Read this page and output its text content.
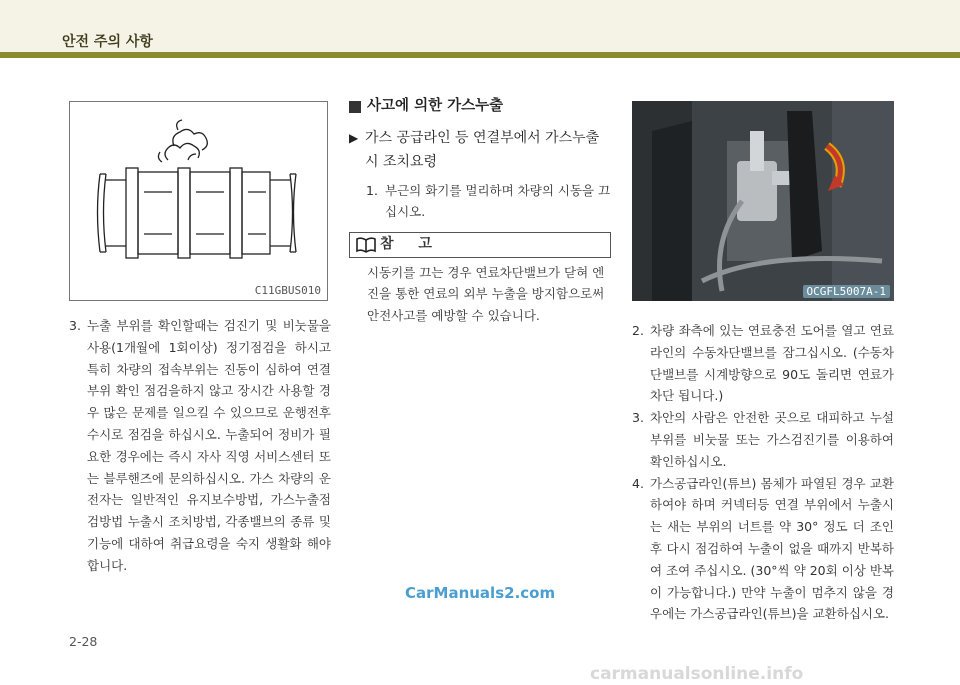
안전 주의 사항
C11GBUS010	OCGFL5007A-1
3. 누출 부위를 확인할때는 검진기 및 비눗물을 사용(1개월에 1회이상) 정기점검을 하시고 특히 차량의 접속부위는 진동이 심하여 연결부위 확인 점검을하지 않고 장시간 사용할 경우 많은 문제를 일으킬 수 있으므로 운행전후 수시로 점검을 하십시오. 누출되어 정비가 필요한 경우에는 즉시 자사 직영 서비스센터 또는 블루핸즈에 문의하십시오. 가스 차량의 운전자는 일반적인 유지보수방법, 가스누출점검방법 누출시 조치방법, 각종밸브의 종류 및 기능에 대하여 취급요령을 숙지 생활화 해야합니다.
사고에 의한 가스누출
▶ 가스 공급라인 등 연결부에서 가스누출시 조치요령
1. 부근의 화기를 멀리하며 차량의 시동을 끄십시오.
참 고
시동키를 끄는 경우 연료차단밸브가 닫혀 엔진을 통한 연료의 외부 누출을 방지함으로써 안전사고를 예방할 수 있습니다.
2. 차량 좌측에 있는 연료충전 도어를 열고 연료 라인의 수동차단밸브를 잠그십시오. (수동차단밸브를 시계방향으로 90도 돌리면 연료가 차단 됩니다.)
3. 차안의 사람은 안전한 곳으로 대피하고 누설부위를 비눗물 또는 가스검진기를 이용하여 확인하십시오.
4. 가스공급라인(튜브) 몸체가 파열된 경우 교환하여야 하며 커넥터등 연결 부위에서 누출시는 새는 부위의 너트를 약 30° 정도 더 조인후 다시 점검하여 누출이 없을 때까지 반복하여 조여 주십시오. (30°씩 약 20회 이상 반복이 가능합니다.) 만약 누출이 멈추지 않을 경우에는 가스공급라인(튜브)을 교환하십시오.
2-28
CarManuals2.com
carmanualsonline.info
